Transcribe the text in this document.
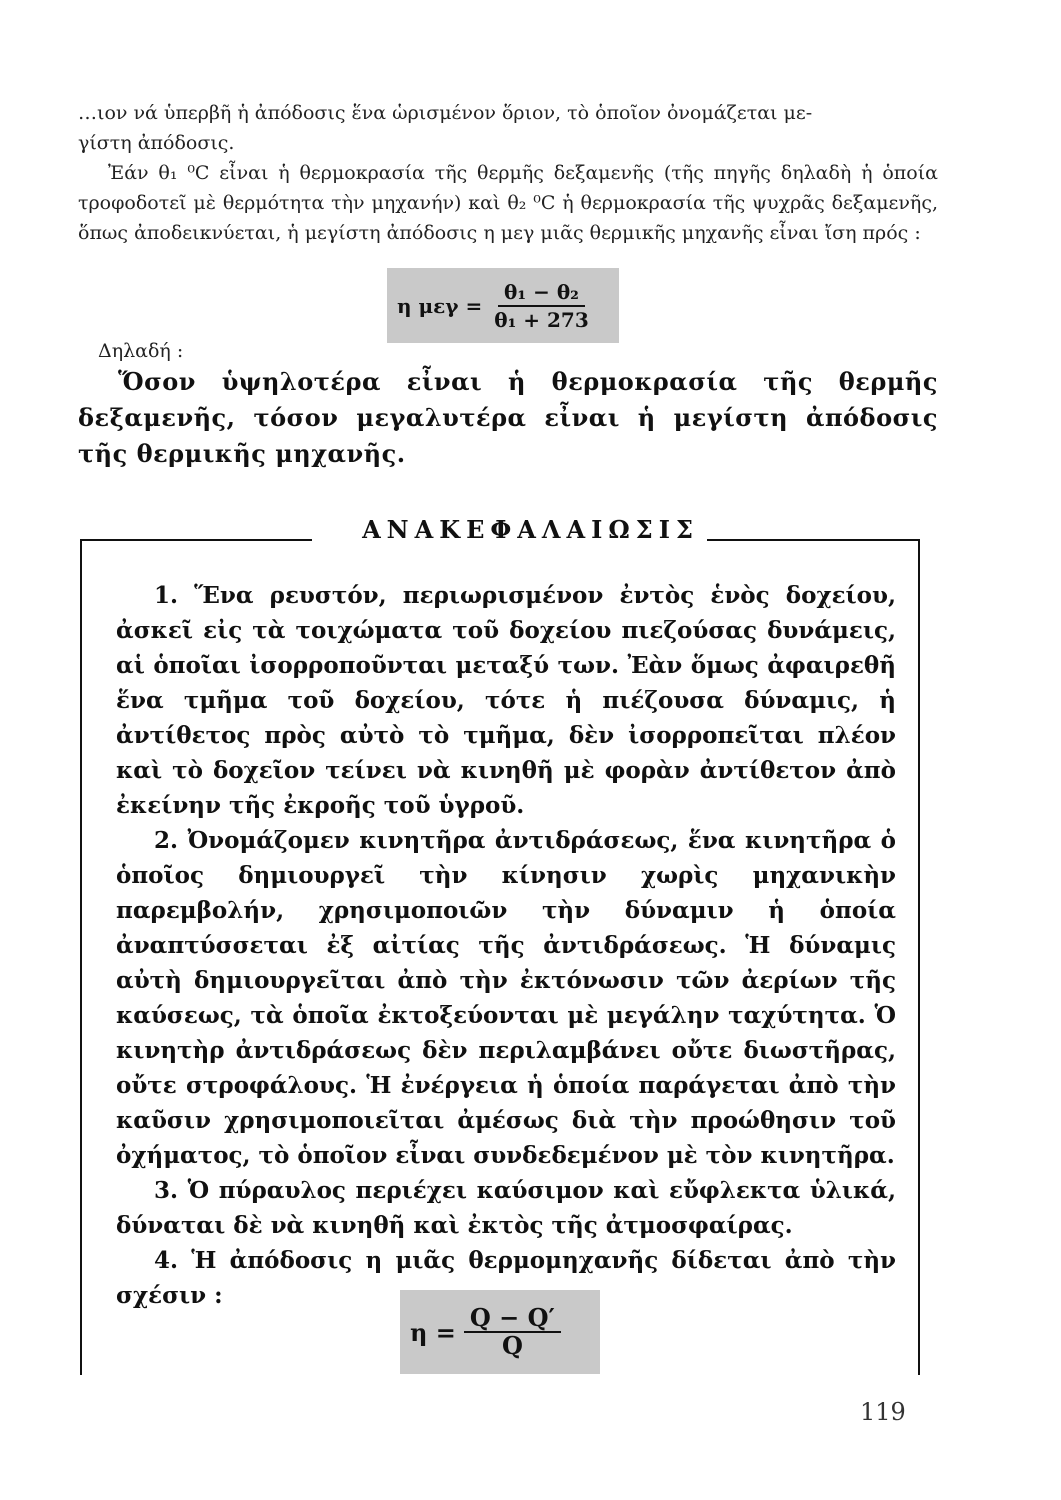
…ιον νά ὑπερβῆ ἡ ἀπόδοσις ἕνα ὡρισμένον ὅριον, τὸ ὁποῖον ὀνομάζεται με-

γίστη ἀπόδοσις.

Ἐάν θ₁ ⁰C εἶναι ἡ θερμοκρασία τῆς θερμῆς δεξαμενῆς (τῆς πηγῆς δηλαδὴ ἡ ὁποία τροφοδοτεῖ μὲ θερμότητα τὴν μηχανήν) καὶ θ₂ ⁰C ἡ θερμοκρασία τῆς ψυχρᾶς δεξαμενῆς, ὅπως ἀποδεικνύεται, ἡ μεγίστη ἀπόδοσις η μεγ μιᾶς θερμικῆς μηχανῆς εἶναι ἴση πρός :

η $\mu\varepsilon\gamma = \frac{\text{θ₁ − θ₂}}{\text{θ₁ + 273}}$
Δηλαδή :

Ὅσον ὑψηλοτέρα εἶναι ἡ θερμοκρασία τῆς θερμῆς δεξαμενῆς, τόσον μεγαλυτέρα εἶναι ἡ μεγίστη ἀπόδοσις τῆς θερμικῆς μηχανῆς.

ΑΝΑΚΕΦΑΛΑΙΩΣΙΣ

1. Ἕνα ρευστόν, περιωρισμένον ἐντὸς ἑνὸς δοχείου, ἀσκεῖ εἰς τὰ τοιχώματα τοῦ δοχείου πιεζούσας δυνάμεις, αἱ ὁποῖαι ἰσορροποῦνται μεταξύ των. Ἐὰν ὅμως ἀφαιρεθῆ ἕνα τμῆμα τοῦ δοχείου, τότε ἡ πιέζουσα δύναμις, ἡ ἀντίθετος πρὸς αὐτὸ τὸ τμῆμα, δὲν ἰσορροπεῖται πλέον καὶ τὸ δοχεῖον τείνει νὰ κινηθῆ μὲ φορὰν ἀντίθετον ἀπὸ ἐκείνην τῆς ἐκροῆς τοῦ ὑγροῦ.

2. Ὀνομάζομεν κινητῆρα ἀντιδράσεως, ἕνα κινητῆρα ὁ ὁποῖος δημιουργεῖ τὴν κίνησιν χωρὶς μηχανικὴν παρεμβολήν, χρησιμοποιῶν τὴν δύναμιν ἡ ὁποία ἀναπτύσσεται ἐξ αἰτίας τῆς ἀντιδράσεως. Ἡ δύναμις αὐτὴ δημιουργεῖται ἀπὸ τὴν ἐκτόνωσιν τῶν ἀερίων τῆς καύσεως, τὰ ὁποῖα ἐκτοξεύονται μὲ μεγάλην ταχύτητα. Ὁ κινητὴρ ἀντιδράσεως δὲν περιλαμβάνει οὔτε διωστῆρας, οὔτε στροφάλους. Ἡ ἐνέργεια ἡ ὁποία παράγεται ἀπὸ τὴν καῦσιν χρησιμοποιεῖται ἀμέσως διὰ τὴν προώθησιν τοῦ ὀχήματος, τὸ ὁποῖον εἶναι συνδεδεμένον μὲ τὸν κινητῆρα.

3. Ὁ πύραυλος περιέχει καύσιμον καὶ εὔφλεκτα ὑλικά, δύναται δὲ νὰ κινηθῆ καὶ ἐκτὸς τῆς ἀτμοσφαίρας.

4. Ἡ ἀπόδοσις η μιᾶς θερμομηχανῆς δίδεται ἀπὸ τὴν σχέσιν :

$\eta = \frac{Q - Q'}{Q}$
119
